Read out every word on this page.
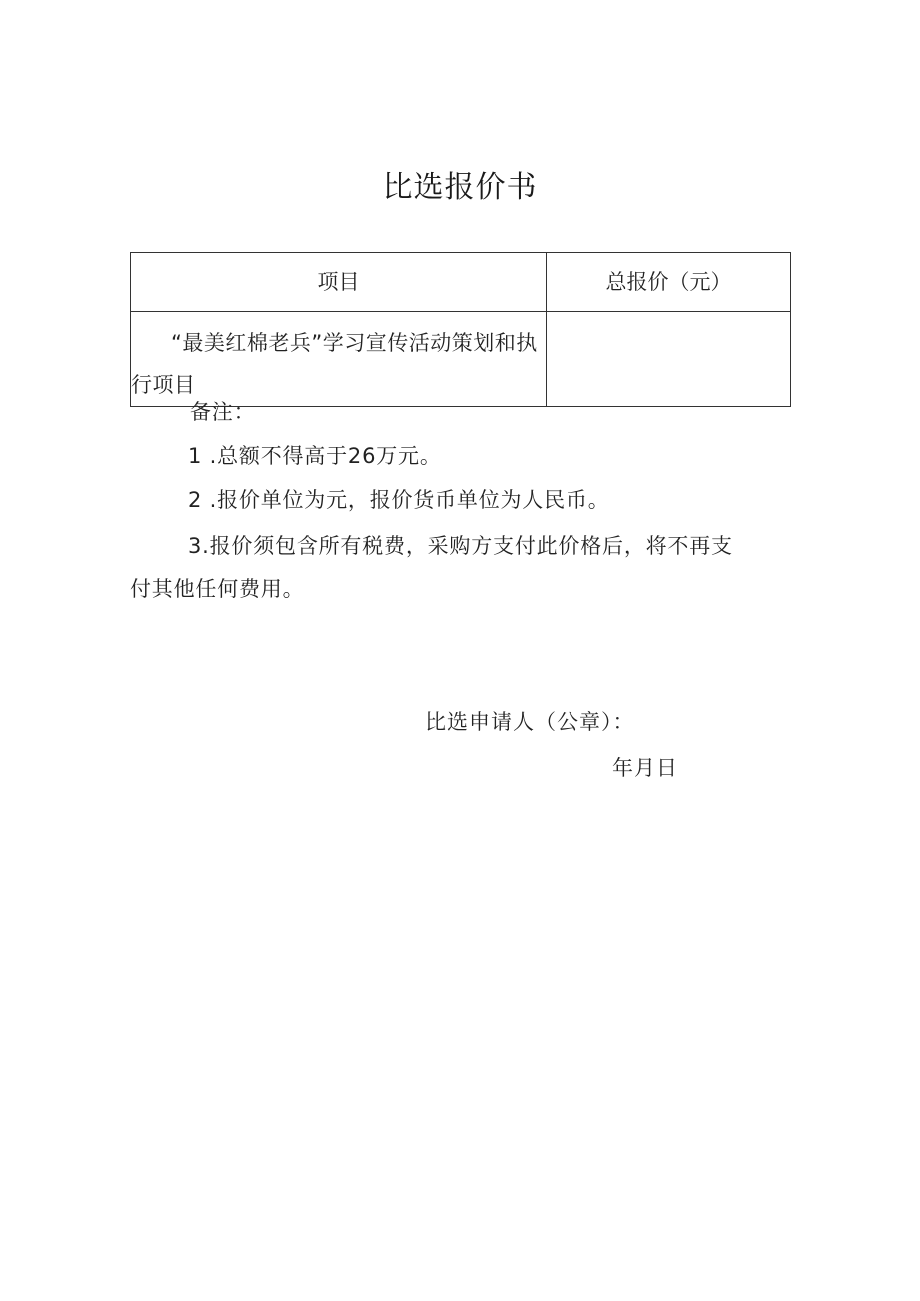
比选报价书
项目	总报价（元）

“最美红棉老兵”学习宣传活动策划和执行项目	

备注：
1 .总额不得高于26万元。
2 .报价单位为元，报价货币单位为人民币。
3.报价须包含所有税费，采购方支付此价格后，将不再支
付其他任何费用。
比选申请人（公章）：
年月日
